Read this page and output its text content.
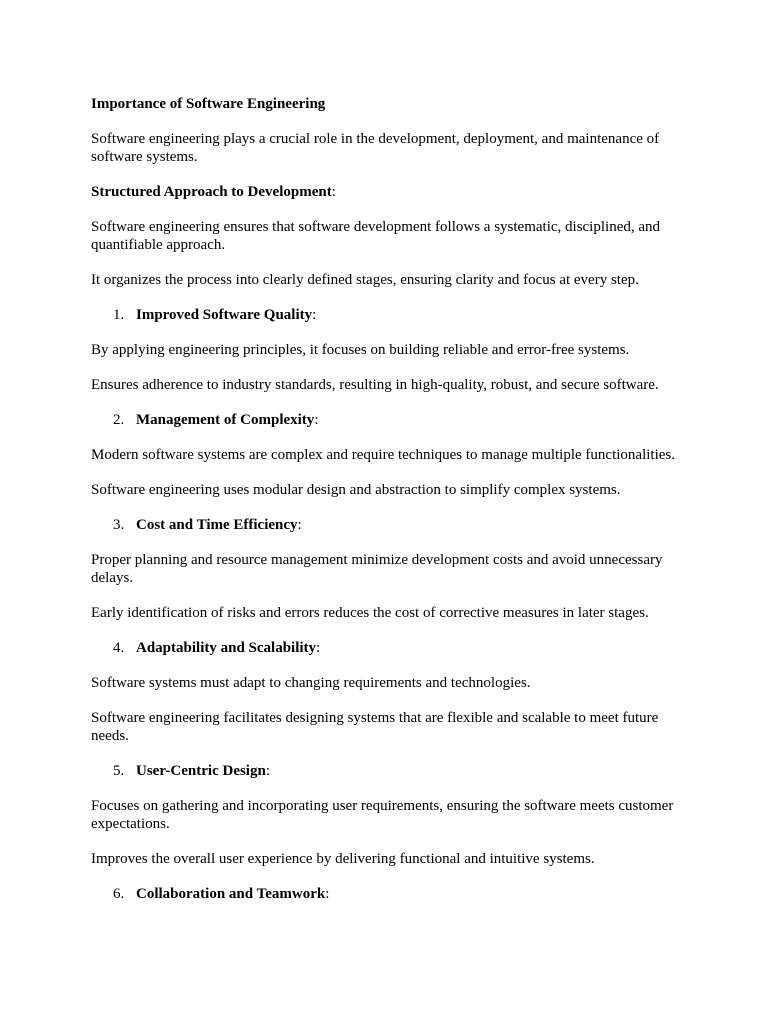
Importance of Software Engineering

Software engineering plays a crucial role in the development, deployment, and maintenance of software systems.

Structured Approach to Development:

Software engineering ensures that software development follows a systematic, disciplined, and quantifiable approach.

It organizes the process into clearly defined stages, ensuring clarity and focus at every step.

1. Improved Software Quality:

By applying engineering principles, it focuses on building reliable and error-free systems.

Ensures adherence to industry standards, resulting in high-quality, robust, and secure software.

2. Management of Complexity:

Modern software systems are complex and require techniques to manage multiple functionalities.

Software engineering uses modular design and abstraction to simplify complex systems.

3. Cost and Time Efficiency:

Proper planning and resource management minimize development costs and avoid unnecessary delays.

Early identification of risks and errors reduces the cost of corrective measures in later stages.

4. Adaptability and Scalability:

Software systems must adapt to changing requirements and technologies.

Software engineering facilitates designing systems that are flexible and scalable to meet future needs.

5. User-Centric Design:

Focuses on gathering and incorporating user requirements, ensuring the software meets customer expectations.

Improves the overall user experience by delivering functional and intuitive systems.

6. Collaboration and Teamwork:
